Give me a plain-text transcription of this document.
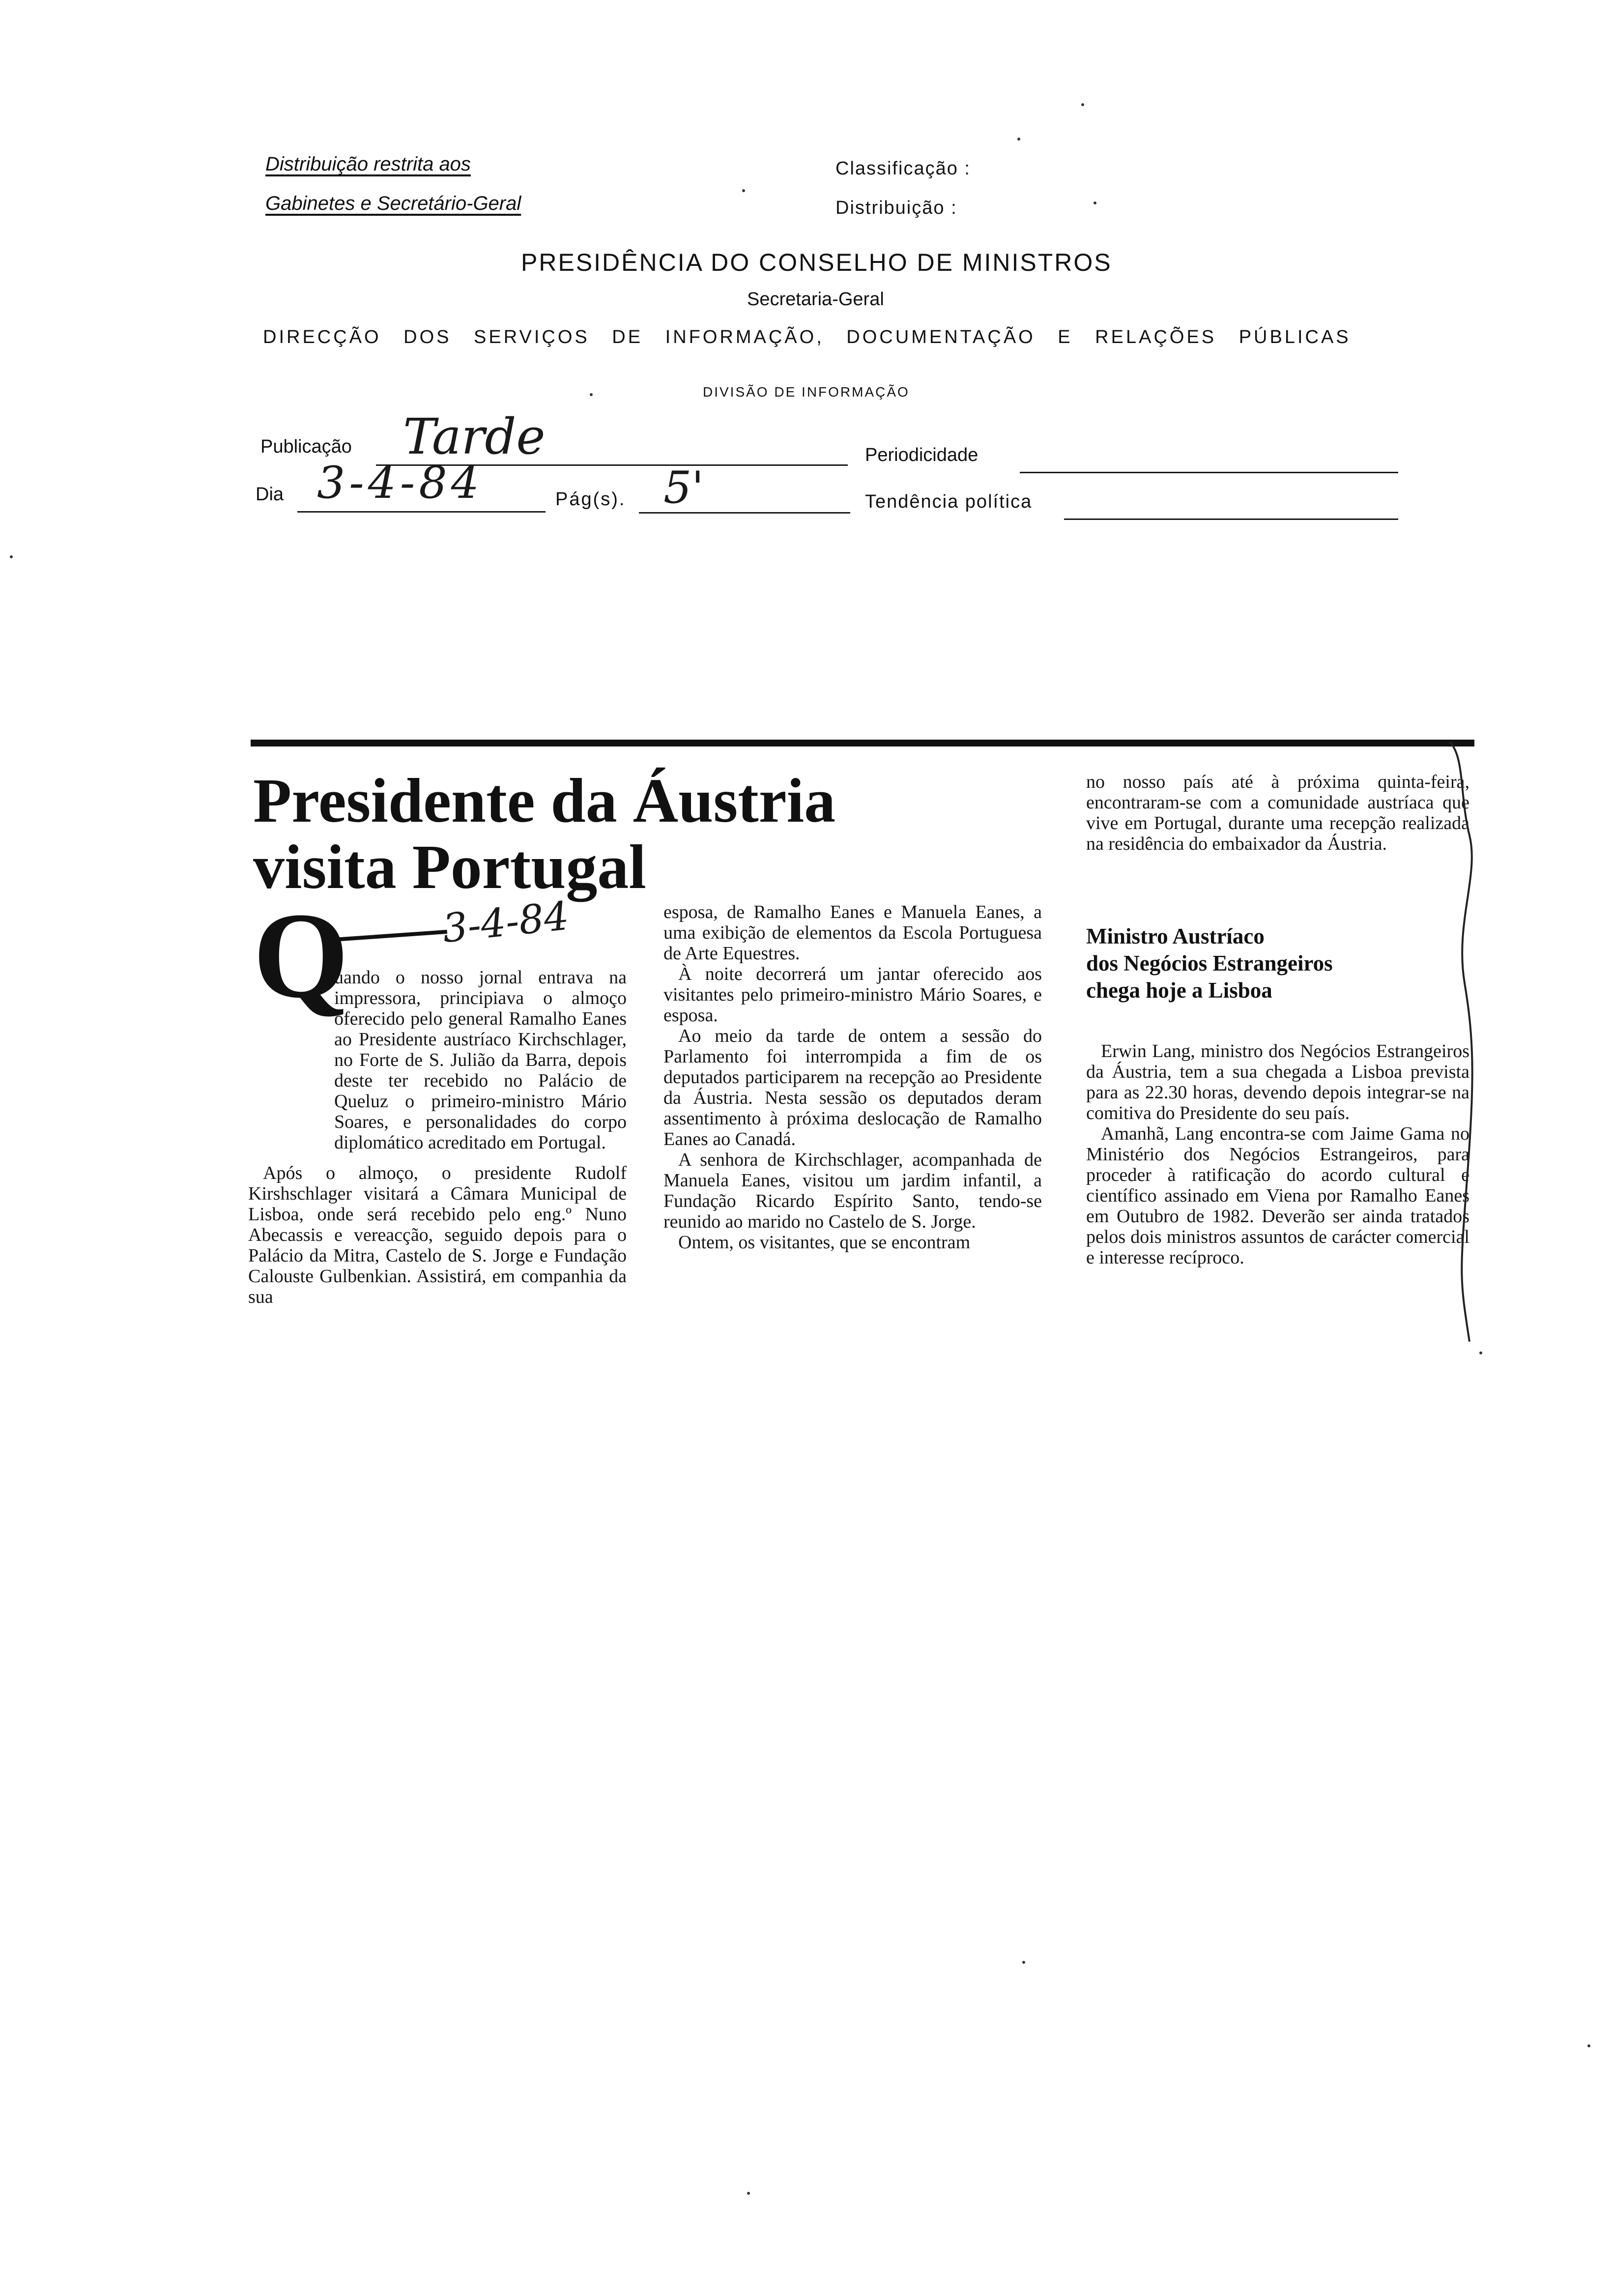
Distribuição restrita aos
Gabinetes e Secretário-Geral
Classificação :
Distribuição :
PRESIDÊNCIA DO CONSELHO DE MINISTROS
Secretaria-Geral
DIRECÇÃO DOS SERVIÇOS DE INFORMAÇÃO, DOCUMENTAÇÃO E RELAÇÕES PÚBLICAS
DIVISÃO DE INFORMAÇÃO
Publicação Tarde	Periodicidade
Dia 3-4-84	Pág(s). 5'	Tendência política
Presidente da Áustria
visita Portugal
3-4-84
Q

uando o nosso jornal entrava na impressora, principiava o almoço oferecido pelo general Ramalho Eanes ao Presidente austríaco Kirchschlager, no Forte de S. Julião da Barra, depois deste ter recebido no Palácio de Queluz o primeiro-ministro Mário Soares, e personalidades do corpo diplomático acreditado em Portugal.

Após o almoço, o presidente Rudolf Kirshschlager visitará a Câmara Municipal de Lisboa, onde será recebido pelo eng.º Nuno Abecassis e vereacção, seguido depois para o Palácio da Mitra, Castelo de S. Jorge e Fundação Calouste Gulbenkian. Assistirá, em companhia da sua

esposa, de Ramalho Eanes e Manuela Eanes, a uma exibição de elementos da Escola Portuguesa de Arte Equestres.

À noite decorrerá um jantar oferecido aos visitantes pelo primeiro-ministro Mário Soares, e esposa.

Ao meio da tarde de ontem a sessão do Parlamento foi interrompida a fim de os deputados participarem na recepção ao Presidente da Áustria. Nesta sessão os deputados deram assentimento à próxima deslocação de Ramalho Eanes ao Canadá.

A senhora de Kirchschlager, acompanhada de Manuela Eanes, visitou um jardim infantil, a Fundação Ricardo Espírito Santo, tendo-se reunido ao marido no Castelo de S. Jorge.

Ontem, os visitantes, que se encontram

no nosso país até à próxima quinta-feira, encontraram-se com a comunidade austríaca que vive em Portugal, durante uma recepção realizada na residência do embaixador da Áustria.

Ministro Austríaco
dos Negócios Estrangeiros
chega hoje a Lisboa

Erwin Lang, ministro dos Negócios Estrangeiros da Áustria, tem a sua chegada a Lisboa prevista para as 22.30 horas, devendo depois integrar-se na comitiva do Presidente do seu país.

Amanhã, Lang encontra-se com Jaime Gama no Ministério dos Negócios Estrangeiros, para proceder à ratificação do acordo cultural e científico assinado em Viena por Ramalho Eanes em Outubro de 1982. Deverão ser ainda tratados pelos dois ministros assuntos de carácter comercial e interesse recíproco.
